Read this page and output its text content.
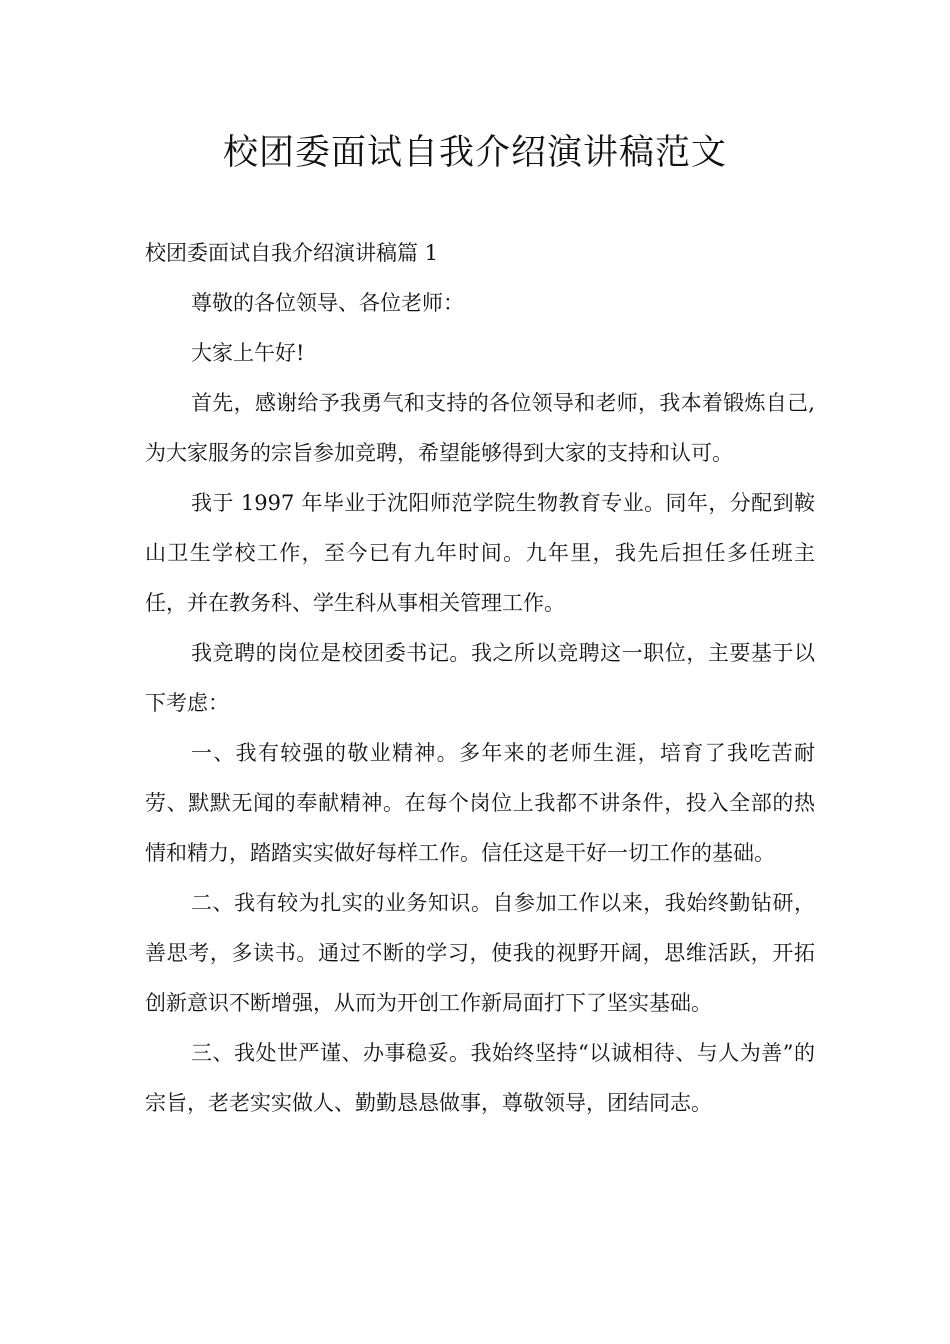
校团委面试自我介绍演讲稿范文

校团委面试自我介绍演讲稿篇 1

尊敬的各位领导、各位老师：

大家上午好!

首先，感谢给予我勇气和支持的各位领导和老师，我本着锻炼自己,为大家服务的宗旨参加竞聘，希望能够得到大家的支持和认可。

我于 1997 年毕业于沈阳师范学院生物教育专业。同年，分配到鞍山卫生学校工作，至今已有九年时间。九年里，我先后担任多任班主任，并在教务科、学生科从事相关管理工作。

我竞聘的岗位是校团委书记。我之所以竞聘这一职位，主要基于以下考虑：

一、我有较强的敬业精神。多年来的老师生涯，培育了我吃苦耐劳、默默无闻的奉献精神。在每个岗位上我都不讲条件，投入全部的热情和精力，踏踏实实做好每样工作。信任这是干好一切工作的基础。

二、我有较为扎实的业务知识。自参加工作以来，我始终勤钻研，善思考，多读书。通过不断的学习，使我的视野开阔，思维活跃，开拓创新意识不断增强，从而为开创工作新局面打下了坚实基础。

三、我处世严谨、办事稳妥。我始终坚持“以诚相待、与人为善”的宗旨，老老实实做人、勤勤恳恳做事，尊敬领导，团结同志。
